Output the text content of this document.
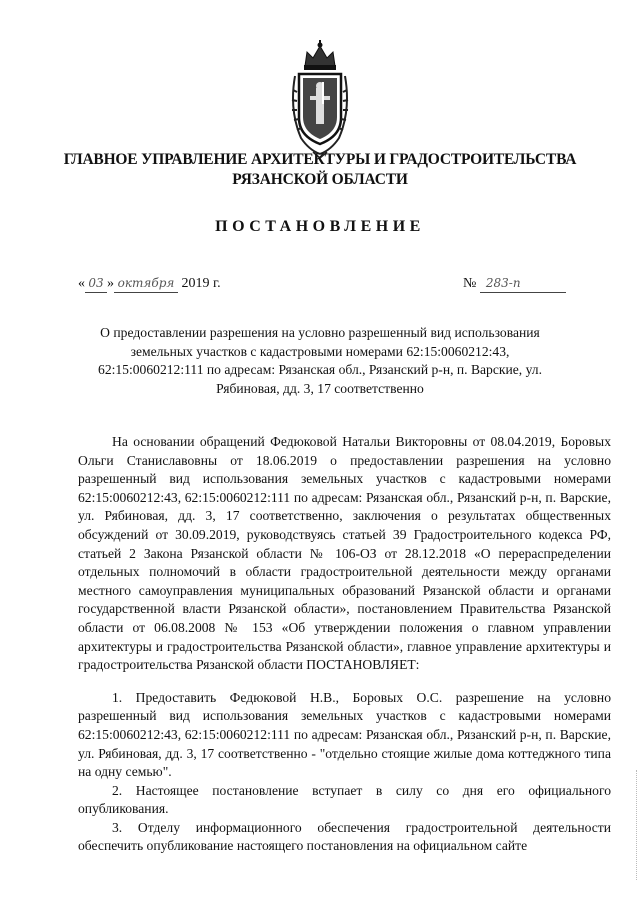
ГЛАВНОЕ УПРАВЛЕНИЕ АРХИТЕКТУРЫ И ГРАДОСТРОИТЕЛЬСТВА
РЯЗАНСКОЙ ОБЛАСТИ
ПОСТАНОВЛЕНИЕ
« 03 » октября 2019 г.	№ 283-п
О предоставлении разрешения на условно разрешенный вид использования
земельных участков с кадастровыми номерами 62:15:0060212:43,
62:15:0060212:111 по адресам: Рязанская обл., Рязанский р-н, п. Варские, ул.
Рябиновая, дд. 3, 17 соответственно

На основании обращений Федюковой Натальи Викторовны от 08.04.2019, Боровых Ольги Станиславовны от 18.06.2019 о предоставлении разрешения на условно разрешенный вид использования земельных участков с кадастровыми номерами 62:15:0060212:43, 62:15:0060212:111 по адресам: Рязанская обл., Рязанский р-н, п. Варские, ул. Рябиновая, дд. 3, 17 соответственно, заключения о результатах общественных обсуждений от 30.09.2019, руководствуясь статьей 39 Градостроительного кодекса РФ, статьей 2 Закона Рязанской области № 106-ОЗ от 28.12.2018 «О перераспределении отдельных полномочий в области градостроительной деятельности между органами местного самоуправления муниципальных образований Рязанской области и органами государственной власти Рязанской области», постановлением Правительства Рязанской области от 06.08.2008 № 153 «Об утверждении положения о главном управлении архитектуры и градостроительства Рязанской области», главное управление архитектуры и градостроительства Рязанской области ПОСТАНОВЛЯЕТ:

1. Предоставить Федюковой Н.В., Боровых О.С. разрешение на условно разрешенный вид использования земельных участков с кадастровыми номерами 62:15:0060212:43, 62:15:0060212:111 по адресам: Рязанская обл., Рязанский р-н, п. Варские, ул. Рябиновая, дд. 3, 17 соответственно - "отдельно стоящие жилые дома коттеджного типа на одну семью".

2. Настоящее постановление вступает в силу со дня его официального опубликования.

3. Отделу информационного обеспечения градостроительной деятельности обеспечить опубликование настоящего постановления на официальном сайте
